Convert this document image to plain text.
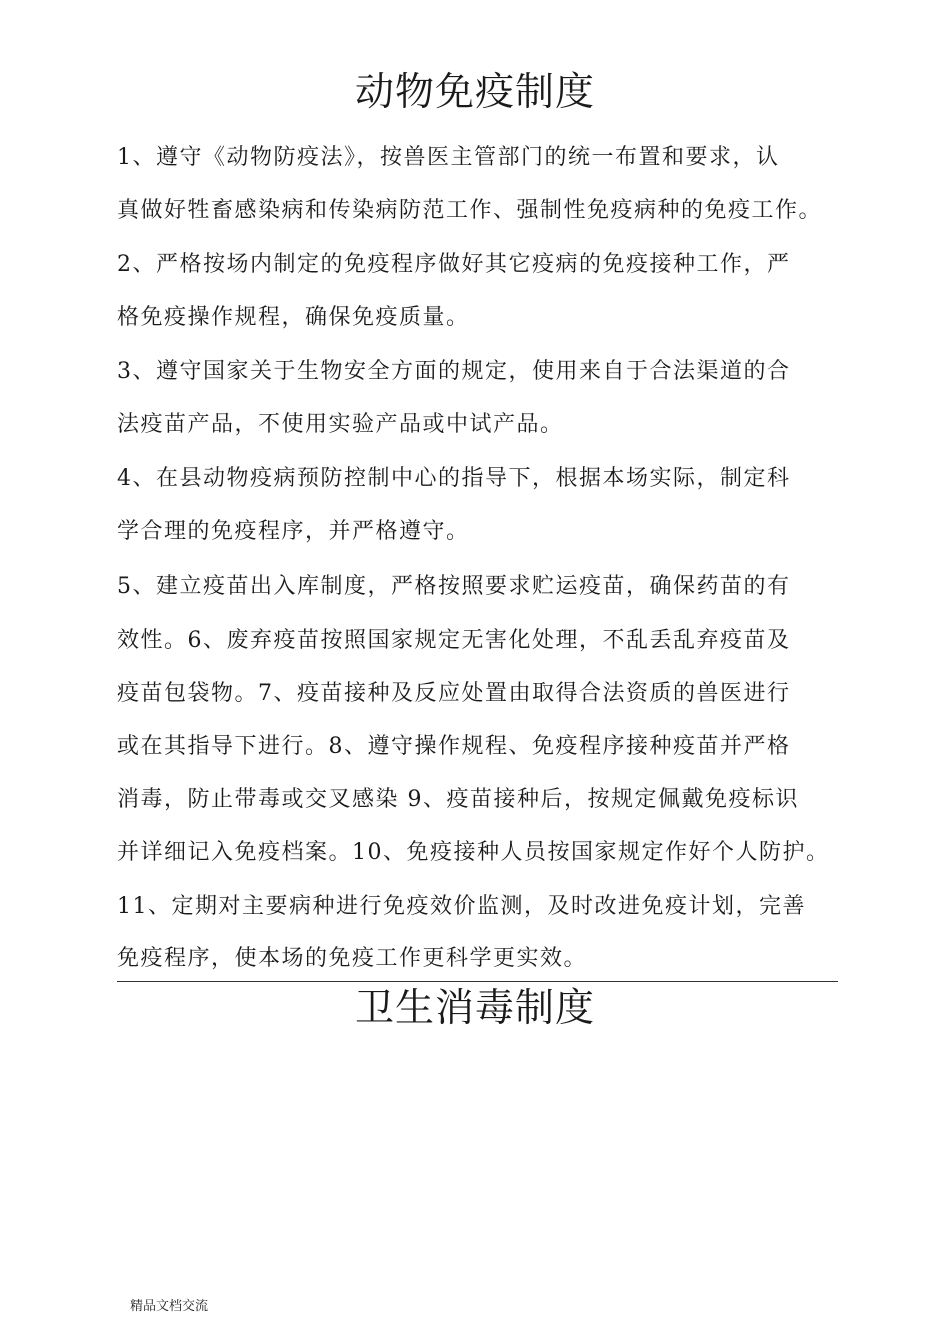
动物免疫制度

1、遵守《动物防疫法》，按兽医主管部门的统一布置和要求，认

真做好牲畜感染病和传染病防范工作、强制性免疫病种的免疫工作。

2、严格按场内制定的免疫程序做好其它疫病的免疫接种工作，严

格免疫操作规程，确保免疫质量。

3、遵守国家关于生物安全方面的规定，使用来自于合法渠道的合

法疫苗产品，不使用实验产品或中试产品。

4、在县动物疫病预防控制中心的指导下，根据本场实际，制定科

学合理的免疫程序，并严格遵守。

5、建立疫苗出入库制度，严格按照要求贮运疫苗，确保药苗的有

效性。6、废弃疫苗按照国家规定无害化处理，不乱丢乱弃疫苗及

疫苗包袋物。7、疫苗接种及反应处置由取得合法资质的兽医进行

或在其指导下进行。8、遵守操作规程、免疫程序接种疫苗并严格

消毒，防止带毒或交叉感染 9、疫苗接种后，按规定佩戴免疫标识

并详细记入免疫档案。10、免疫接种人员按国家规定作好个人防护。

11、定期对主要病种进行免疫效价监测，及时改进免疫计划，完善

免疫程序，使本场的免疫工作更科学更实效。

卫生消毒制度
精品文档交流
